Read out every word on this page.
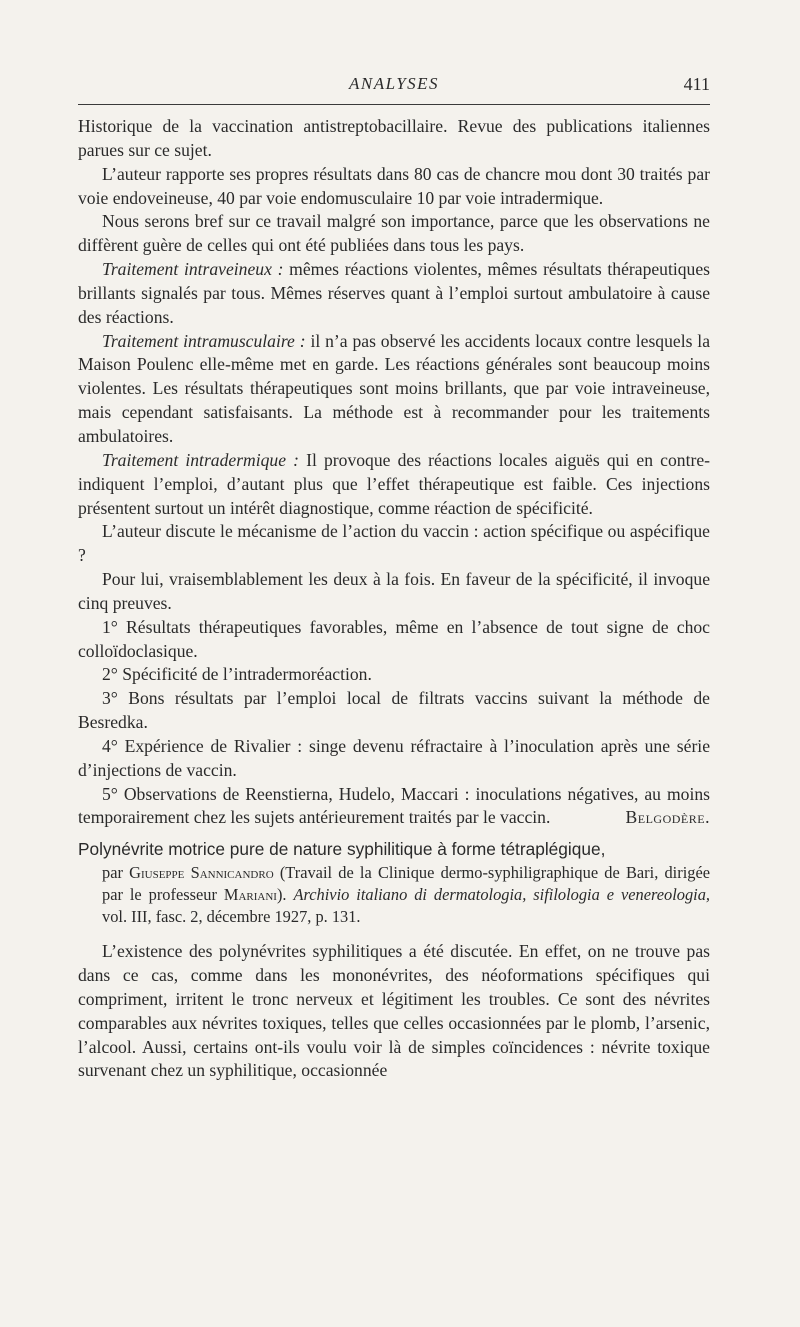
ANALYSES	411

Historique de la vaccination antistreptobacillaire. Revue des publications italiennes parues sur ce sujet.

L’auteur rapporte ses propres résultats dans 80 cas de chancre mou dont 30 traités par voie endoveineuse, 40 par voie endomusculaire 10 par voie intradermique.

Nous serons bref sur ce travail malgré son importance, parce que les observations ne diffèrent guère de celles qui ont été publiées dans tous les pays.

Traitement intraveineux : mêmes réactions violentes, mêmes résultats thérapeutiques brillants signalés par tous. Mêmes réserves quant à l’emploi surtout ambulatoire à cause des réactions.

Traitement intramusculaire : il n’a pas observé les accidents locaux contre lesquels la Maison Poulenc elle-même met en garde. Les réactions générales sont beaucoup moins violentes. Les résultats thérapeutiques sont moins brillants, que par voie intraveineuse, mais cependant satisfaisants. La méthode est à recommander pour les traitements ambulatoires.

Traitement intradermique : Il provoque des réactions locales aiguës qui en contre-indiquent l’emploi, d’autant plus que l’effet thérapeutique est faible. Ces injections présentent surtout un intérêt diagnostique, comme réaction de spécificité.

L’auteur discute le mécanisme de l’action du vaccin : action spécifique ou aspécifique ?

Pour lui, vraisemblablement les deux à la fois. En faveur de la spécificité, il invoque cinq preuves.

1° Résultats thérapeutiques favorables, même en l’absence de tout signe de choc colloïdoclasique.

2° Spécificité de l’intradermoréaction.

3° Bons résultats par l’emploi local de filtrats vaccins suivant la méthode de Besredka.

4° Expérience de Rivalier : singe devenu réfractaire à l’inoculation après une série d’injections de vaccin.

5° Observations de Reenstierna, Hudelo, Maccari : inoculations négatives, au moins temporairement chez les sujets antérieurement traités par le vaccin.	Belgodère.

Polynévrite motrice pure de nature syphilitique à forme tétraplégique,
par Giuseppe Sannicandro (Travail de la Clinique dermo-syphiligraphique de Bari, dirigée par le professeur Mariani). Archivio italiano di dermatologia, sifilologia e venereologia, vol. III, fasc. 2, décembre 1927, p. 131.

L’existence des polynévrites syphilitiques a été discutée. En effet, on ne trouve pas dans ce cas, comme dans les mononévrites, des néoformations spécifiques qui compriment, irritent le tronc nerveux et légitiment les troubles. Ce sont des névrites comparables aux névrites toxiques, telles que celles occasionnées par le plomb, l’arsenic, l’alcool. Aussi, certains ont-ils voulu voir là de simples coïncidences : névrite toxique survenant chez un syphilitique, occasionnée
